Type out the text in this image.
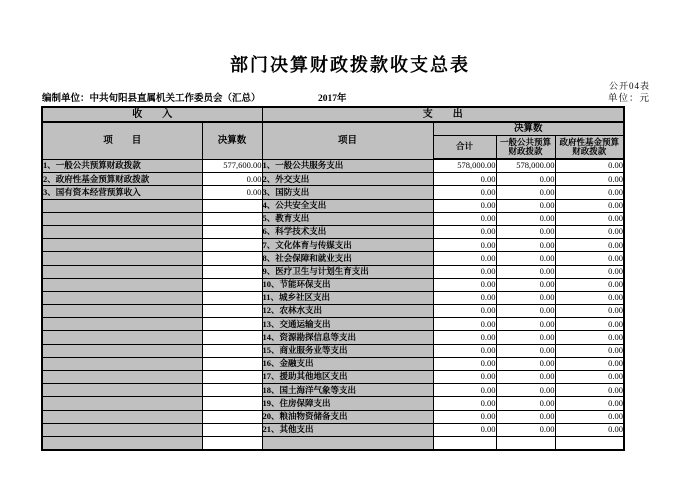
部门决算财政拨款收支总表
公开04表
编制单位：中共旬阳县直属机关工作委员会（汇总）	2017年	单位：元
收　　入		支　　出			
项　　目	决算数	项目	决算数		
			合计	一般公共预算 财政拨款	政府性基金预算 财政拨款
1、一般公共预算财政拨款	577,600.00	1、一般公共服务支出	578,000.00	578,000.00	0.00
2、政府性基金预算财政拨款	0.00	2、外交支出	0.00	0.00	0.00
3、国有资本经营预算收入	0.00	3、国防支出	0.00	0.00	0.00
		4、公共安全支出	0.00	0.00	0.00
		5、教育支出	0.00	0.00	0.00
		6、科学技术支出	0.00	0.00	0.00
		7、文化体育与传媒支出	0.00	0.00	0.00
		8、社会保障和就业支出	0.00	0.00	0.00
		9、医疗卫生与计划生育支出	0.00	0.00	0.00
		10、节能环保支出	0.00	0.00	0.00
		11、城乡社区支出	0.00	0.00	0.00
		12、农林水支出	0.00	0.00	0.00
		13、交通运输支出	0.00	0.00	0.00
		14、资源勘探信息等支出	0.00	0.00	0.00
		15、商业服务业等支出	0.00	0.00	0.00
		16、金融支出	0.00	0.00	0.00
		17、援助其他地区支出	0.00	0.00	0.00
		18、国土海洋气象等支出	0.00	0.00	0.00
		19、住房保障支出	0.00	0.00	0.00
		20、粮油物资储备支出	0.00	0.00	0.00
		21、其他支出	0.00	0.00	0.00
